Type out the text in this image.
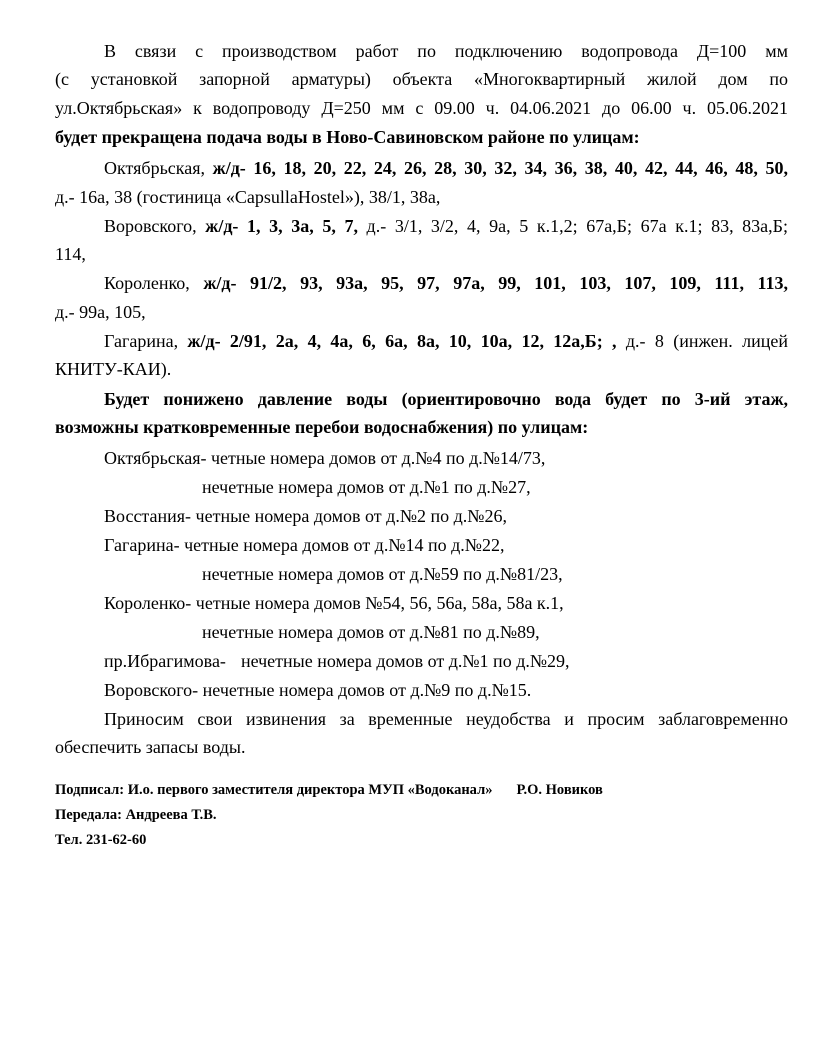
В связи с производством работ по подключению водопровода Д=100 мм
(с установкой запорной арматуры) объекта «Многоквартирный жилой дом по
ул.Октябрьская» к водопроводу Д=250 мм с 09.00 ч. 04.06.2021 до 06.00 ч. 05.06.2021
будет прекращена подача воды в Ново-Савиновском районе по улицам:
Октябрьская, ж/д- 16, 18, 20, 22, 24, 26, 28, 30, 32, 34, 36, 38, 40, 42, 44, 46, 48, 50,
д.- 16а, 38 (гостиница «CapsullaHostel»), 38/1, 38а,
Воровского, ж/д- 1, 3, 3а, 5, 7, д.- 3/1, 3/2, 4, 9а, 5 к.1,2; 67а,Б; 67а к.1; 83, 83а,Б;
114,
Короленко, ж/д- 91/2, 93, 93а, 95, 97, 97а, 99, 101, 103, 107, 109, 111, 113,
д.- 99а, 105,
Гагарина, ж/д- 2/91, 2а, 4, 4а, 6, 6а, 8а, 10, 10а, 12, 12а,Б; , д.- 8 (инжен. лицей
КНИТУ-КАИ).
Будет понижено давление воды (ориентировочно вода будет по 3-ий этаж,
возможны кратковременные перебои водоснабжения) по улицам:
Октябрьская- четные номера домов от д.№4 по д.№14/73,
нечетные номера домов от д.№1 по д.№27,
Восстания- четные номера домов от д.№2 по д.№26,
Гагарина- четные номера домов от д.№14 по д.№22,
нечетные номера домов от д.№59 по д.№81/23,
Короленко- четные номера домов №54, 56, 56а, 58а, 58а к.1,
нечетные номера домов от д.№81 по д.№89,
пр.Ибрагимова- нечетные номера домов от д.№1 по д.№29,
Воровского- нечетные номера домов от д.№9 по д.№15.
Приносим свои извинения за временные неудобства и просим заблаговременно
обеспечить запасы воды.
Подписал: И.о. первого заместителя директора МУП «Водоканал» Р.О. Новиков
Передала: Андреева Т.В.
Тел. 231-62-60
